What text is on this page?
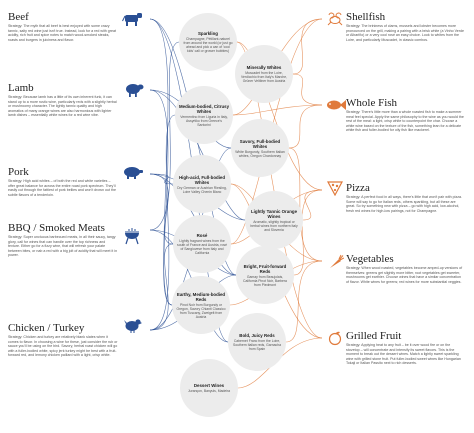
Beef

Strategy: The myth that all beef is best enjoyed with some crazy tannic, salty red wine just isn't true. Instead, look for a red with great acidity, rich fruit and spice notes to match wood-smoked steaks, roasts and burgers in juiciness and flavor.

Lamb

Strategy: Because lamb has a little of its own inherent funk, it can stand up to a more rustic wine, particularly reds with a slightly herbal or mushroomy character. The lightly tannic quality and high aromatics of many orange wines are also harmonious with lighter lamb dishes – essentially white wines for a red wine vibe.

Pork

Strategy: High acid whites – of both the red and white varieties – offer great balance for across the entire roast pork spectrum. They'll easily cut through the fattiest of pork bellies and won't drown out the subtle flavors of a tenderloin.

BBQ / Smoked Meats

Strategy: Super unctuous barbecued meats, in all their saucy, tangy glory, call for wines that can handle over the top richness and texture. Either go for a fizzy wine, that will refresh your palate between bites, or nab a red with a big jolt of acidity that will meet it in power.

Chicken / Turkey

Strategy: Chicken and turkey are relatively blank slates when it comes to flavor. In choosing a wine for these, just consider the rub or sauce you'll be using on the bird. Savory, herbal roast chicken will go with a fuller-bodied white, spicy jerk turkey might be best with a fruit-forward red, and lemony chicken paillard with a light, crisp white.

Shellfish

Strategy: The brininess of clams, mussels and lobster becomes more pronounced on the grill, making a pairing with a brisk white (a Vinho Verde or Albariño) or a very cool rosé an easy choice. Look to whites from the Loire, and particularly Muscadet, in classic combos.

Whole Fish

Strategy: There's little more than a whole roasted fish to make a summer meal feel special. Apply the same philosophy to the wine as you would the rest of the meal: a light, crisp white to counterpoint the char. Choose a white wine based on the texture of the fish, something lean for a delicate white fish and fuller-bodied for oily fish like mackerel.

Pizza

Strategy: A perfect food in all ways, there's little that won't pair with pizza. Some will say to go for Italian reds, others sparkling, but all these are great. So try something new with pizza – go with high acid, low-alcohol, fresh red wines for high-low pairings, not for Champagne.

Vegetables

Strategy: When wood roasted, vegetables become amped-up versions of themselves: greens get slightly more bitter, root vegetables get sweeter, mushrooms get earthier. Choose wines that have a similar concentration of flavor. White wines for greens; red wines for more substantial veggies.

Grilled Fruit

Strategy: Applying heat to any fruit – be it over wood fire or on the stovetop – will concentrate and intensify its sweet flavors. This is the moment to break out the dessert wines. Match a lightly sweet sparkling wine with grilled stone fruit. Put fuller-bodied sweet wines like Hungarian Tokaji or Italian Passito next to rich desserts.

Sparkling
Champagne, Pétillant-naturel from around the world (or just go ahead and pick a can of 'cool kids' cali or grower bubbles)
Minerally Whites
Muscadet from the Loire, Verdicchio from Italy's Marche, Grüner Veltliner from Austria
Medium-bodied, Citrusy Whites
Vermentino from Liguria in Italy, Assyrtiko from Greece's Santorini
Savory, Full-bodied Whites
White Burgundy, Southern Italian whites, Oregon Chardonnay
High-acid, Full-bodied Whites
Dry German or Austrian Riesling, Loire Valley Chenin Blanc
Lightly Tannic Orange Wines
Aromatic, slightly tropical or herbal wines from northern Italy and Slovenia
Rosé
Lightly fragrant wines from the south of France and Austria, rosé of Sangiovese from Italy and California
Bright, Fruit-forward Reds
Gamay from Beaujolais, California Pinot Noir, Barbera from Piedmont
Earthy, Medium-bodied Reds
Pinot Noir from Burgundy or Oregon, Savory Chianti Classico from Tuscany, Zweigelt from Austria
Bold, Juicy Reds
Cabernet Franc from the Loire, Southern Italian reds, Garnacha from Spain
Dessert Wines
Jurançon, Banyuls, Madeira
